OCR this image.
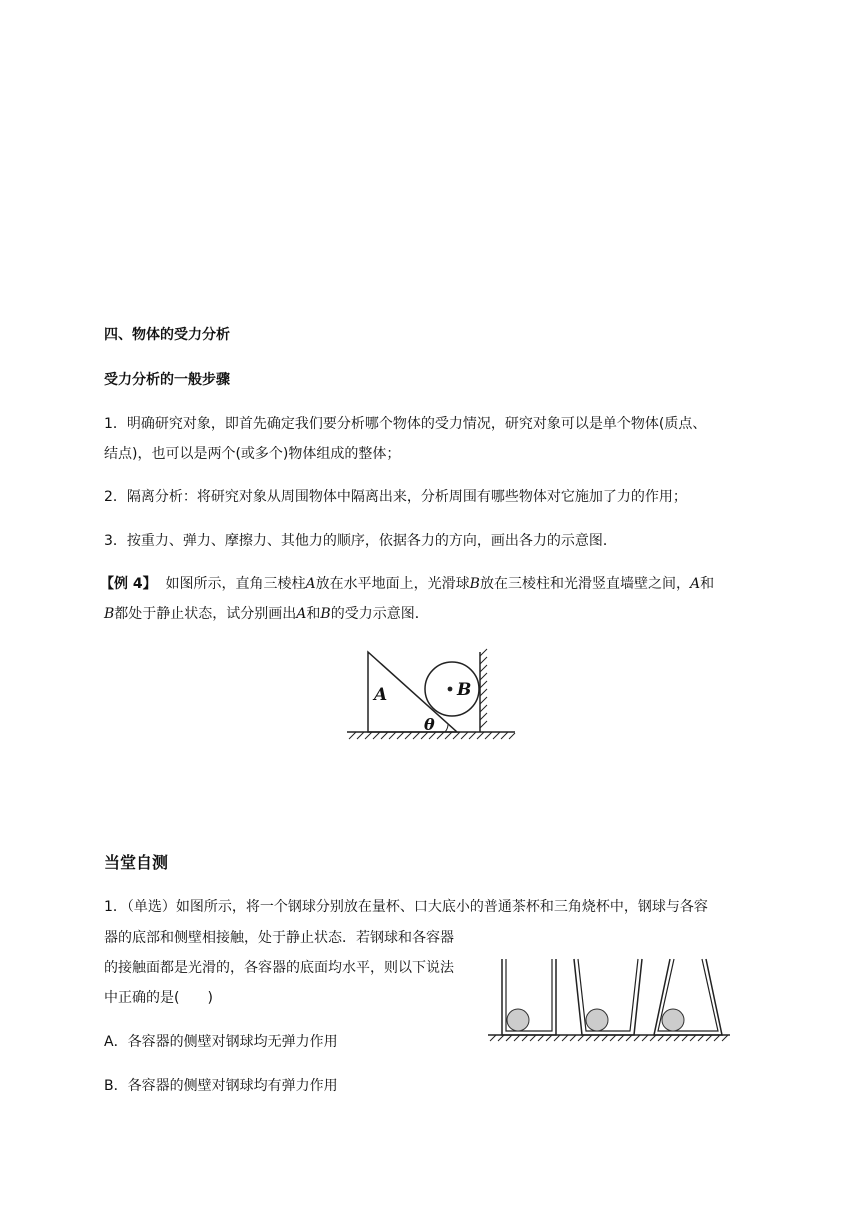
四、物体的受力分析
受力分析的一般步骤
1．明确研究对象，即首先确定我们要分析哪个物体的受力情况，研究对象可以是单个物体(质点、
结点)，也可以是两个(或多个)物体组成的整体；
2．隔离分析：将研究对象从周围物体中隔离出来，分析周围有哪些物体对它施加了力的作用；
3．按重力、弹力、摩擦力、其他力的顺序，依据各力的方向，画出各力的示意图．
【例 4】 如图所示，直角三棱柱A放在水平地面上，光滑球B放在三棱柱和光滑竖直墙壁之间，A和
B都处于静止状态，试分别画出A和B的受力示意图．
A	B
θ
当堂自测
1．（单选）如图所示，将一个钢球分别放在量杯、口大底小的普通茶杯和三角烧杯中，钢球与各容
器的底部和侧壁相接触，处于静止状态．若钢球和各容器
的接触面都是光滑的，各容器的底面均水平，则以下说法
中正确的是(　　)
A．各容器的侧壁对钢球均无弹力作用
B．各容器的侧壁对钢球均有弹力作用
